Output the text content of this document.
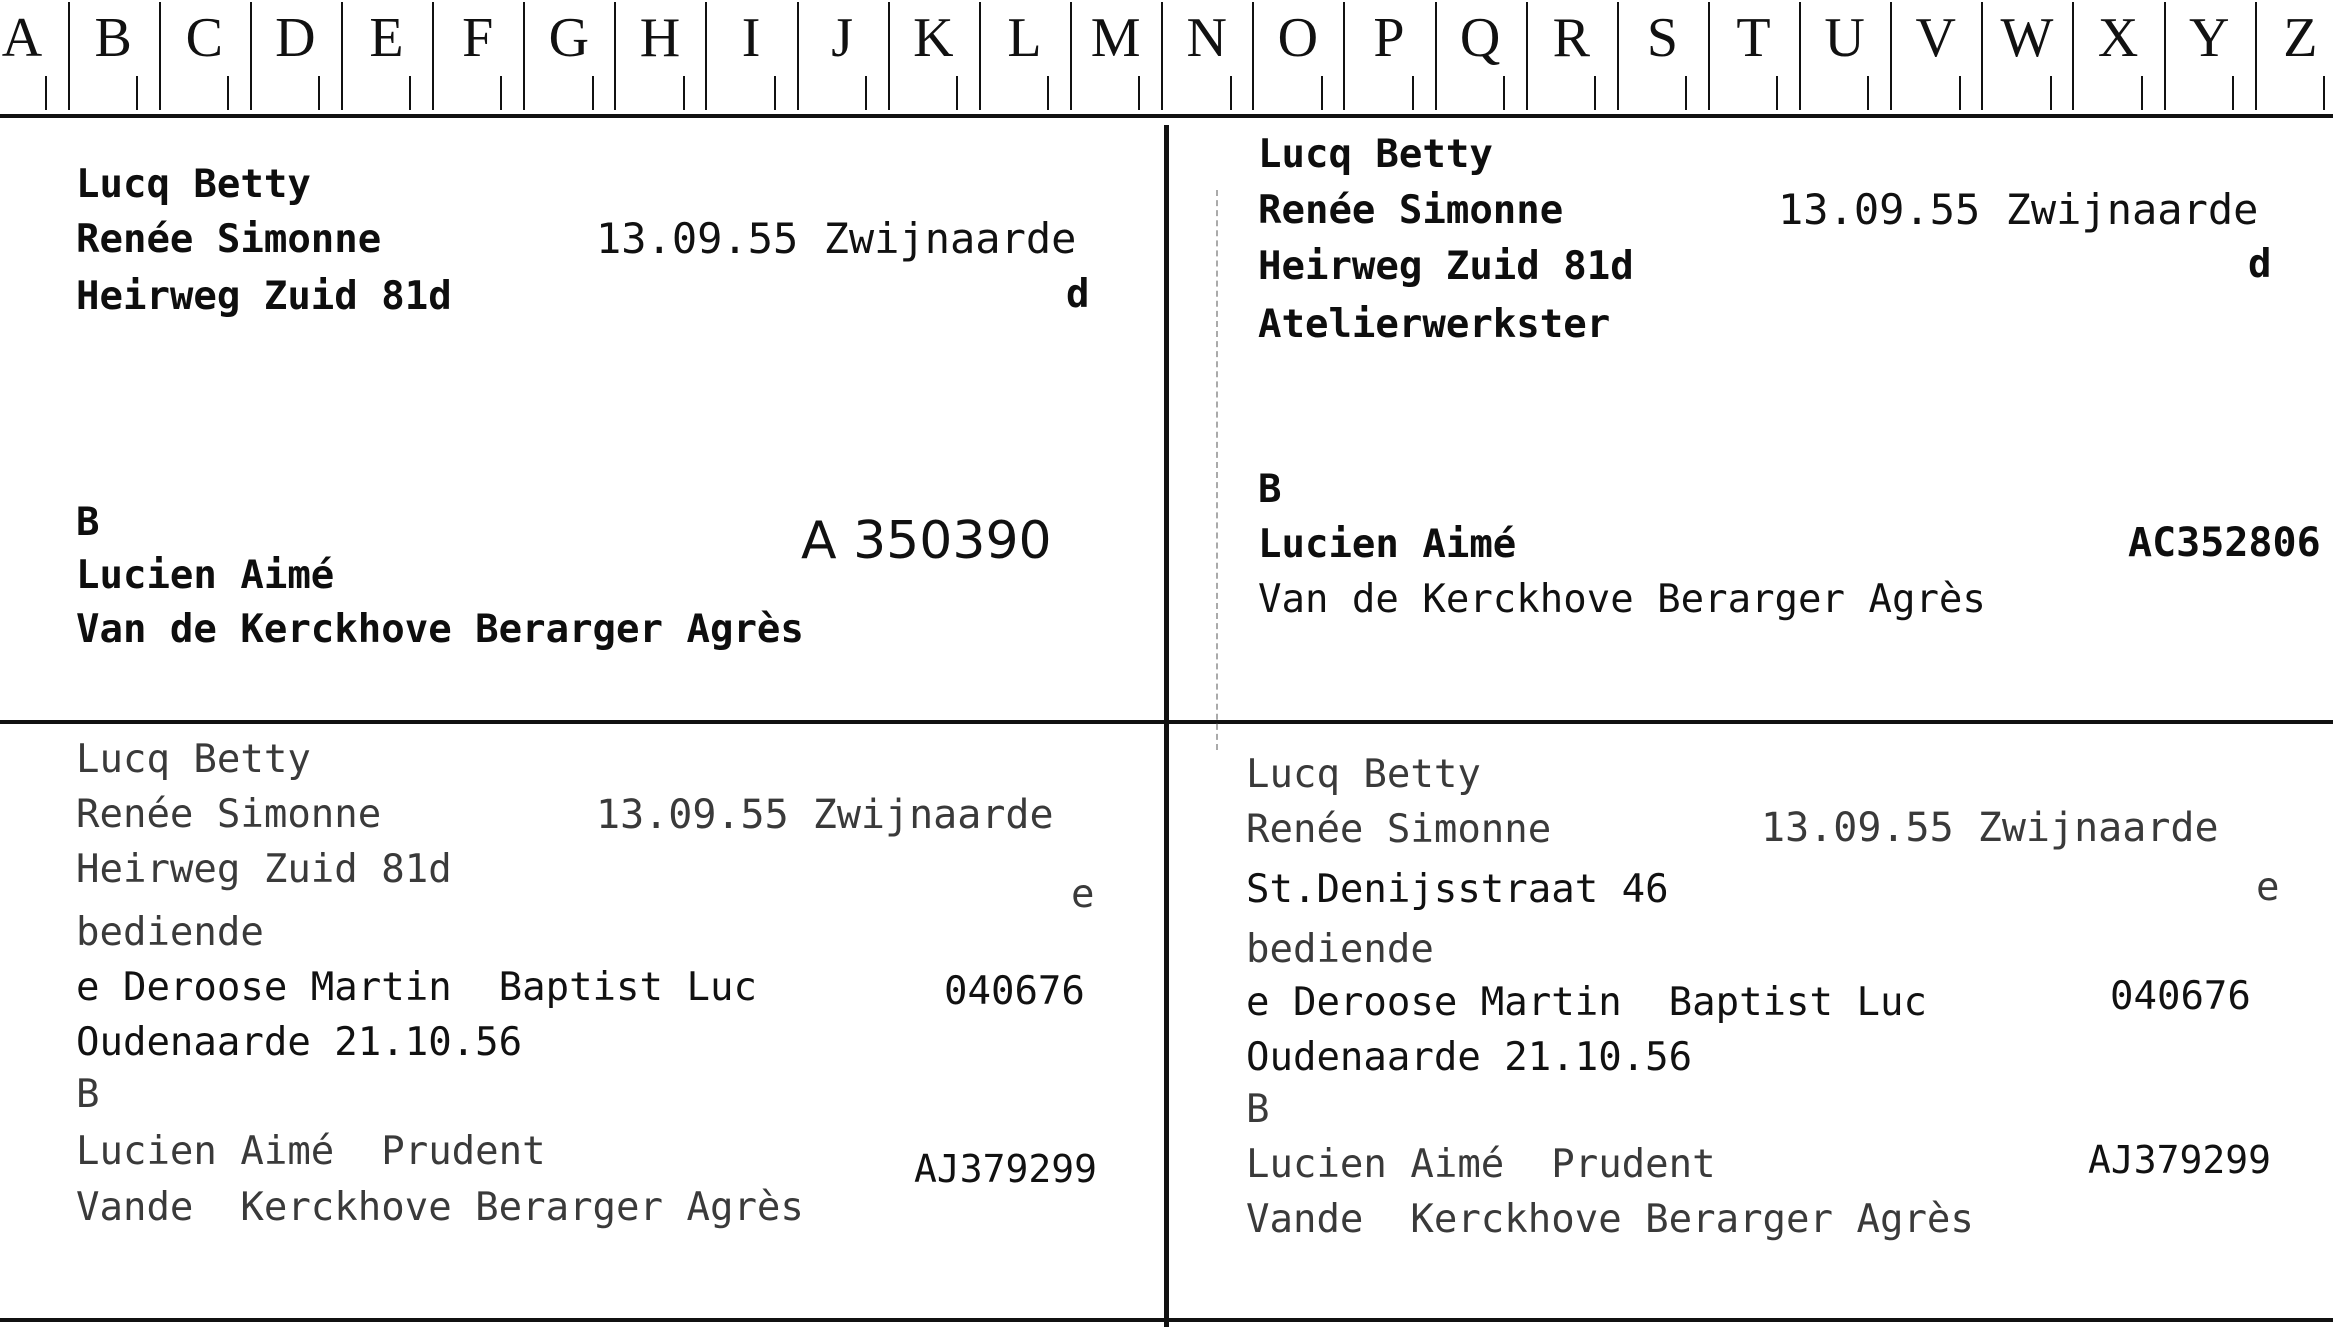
A B C D E F G H	I	J	K L M N O P Q R S T U V W X Y Z
Lucq Betty
Renée Simonne	13.09.55 Zwijnaarde
Heirweg Zuid 81d	d
B
Lucien Aimé
A 350390
Van de Kerckhove Berarger Agrès
Lucq Betty
Renée Simonne	13.09.55 Zwijnaarde
Heirweg Zuid 81d	d
Atelierwerkster
B
Lucien Aimé	AC352806
Van de Kerckhove Berarger Agrès
Lucq Betty
Renée Simonne	13.09.55 Zwijnaarde
Heirweg Zuid 81d
e
bediende
e Deroose Martin  Baptist Luc	040676
Oudenaarde 21.10.56
B
Lucien Aimé  Prudent	AJ379299
Vande  Kerckhove Berarger Agrès
Lucq Betty
Renée Simonne	13.09.55 Zwijnaarde
St.Denijsstraat 46	e
bediende
e Deroose Martin  Baptist Luc	040676
Oudenaarde 21.10.56
B
Lucien Aimé  Prudent	AJ379299
Vande  Kerckhove Berarger Agrès
